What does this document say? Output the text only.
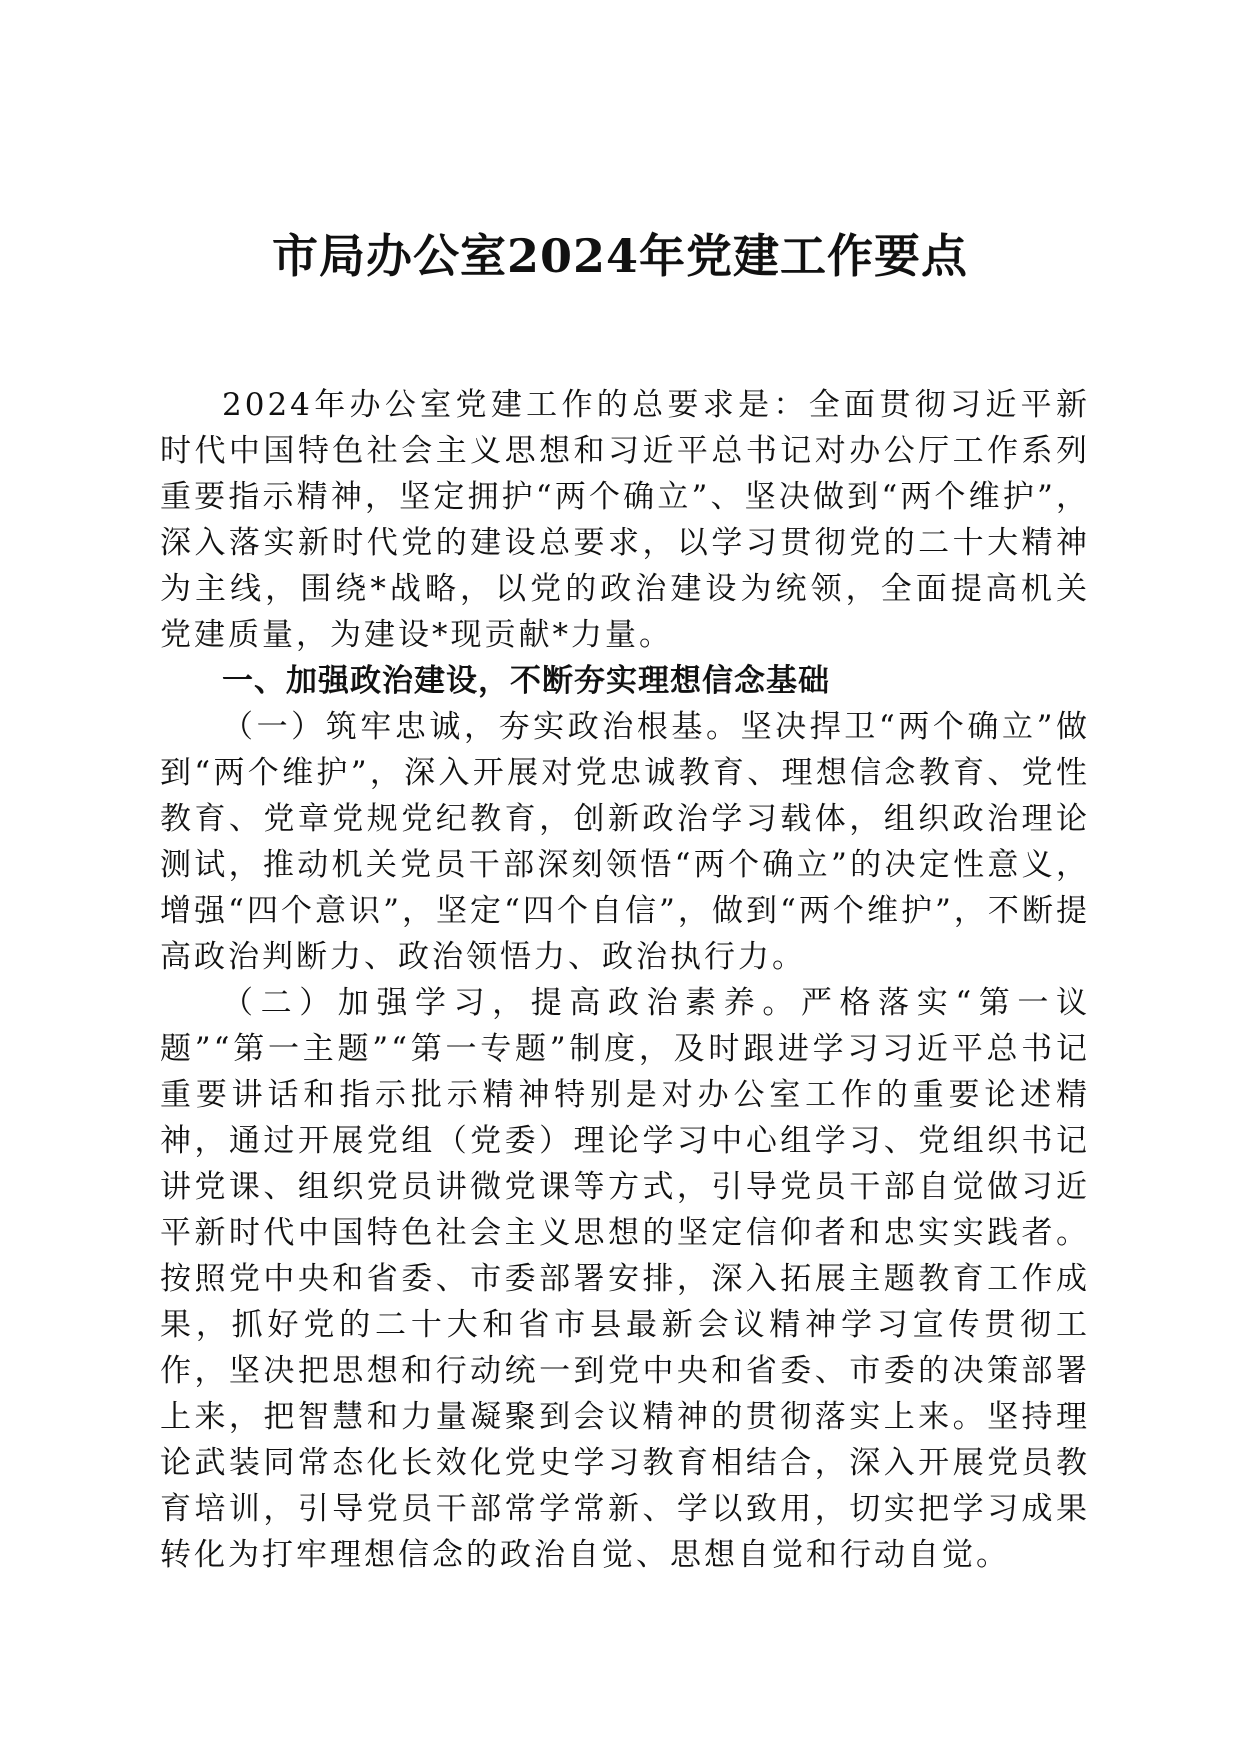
市局办公室2024年党建工作要点

2024年办公室党建工作的总要求是：全面贯彻习近平新时代中国特色社会主义思想和习近平总书记对办公厅工作系列重要指示精神，坚定拥护“两个确立”、坚决做到“两个维护”，深入落实新时代党的建设总要求，以学习贯彻党的二十大精神为主线，围绕*战略，以党的政治建设为统领，全面提高机关党建质量，为建设*现贡献*力量。

一、加强政治建设，不断夯实理想信念基础

（一）筑牢忠诚，夯实政治根基。坚决捍卫“两个确立”做到“两个维护”，深入开展对党忠诚教育、理想信念教育、党性教育、党章党规党纪教育，创新政治学习载体，组织政治理论测试，推动机关党员干部深刻领悟“两个确立”的决定性意义，增强“四个意识”，坚定“四个自信”，做到“两个维护”，不断提高政治判断力、政治领悟力、政治执行力。

（二）加强学习，提高政治素养。严格落实“第一议题”“第一主题”“第一专题”制度，及时跟进学习习近平总书记重要讲话和指示批示精神特别是对办公室工作的重要论述精神，通过开展党组（党委）理论学习中心组学习、党组织书记讲党课、组织党员讲微党课等方式，引导党员干部自觉做习近平新时代中国特色社会主义思想的坚定信仰者和忠实实践者。按照党中央和省委、市委部署安排，深入拓展主题教育工作成果，抓好党的二十大和省市县最新会议精神学习宣传贯彻工作，坚决把思想和行动统一到党中央和省委、市委的决策部署上来，把智慧和力量凝聚到会议精神的贯彻落实上来。坚持理论武装同常态化长效化党史学习教育相结合，深入开展党员教育培训，引导党员干部常学常新、学以致用，切实把学习成果转化为打牢理想信念的政治自觉、思想自觉和行动自觉。
